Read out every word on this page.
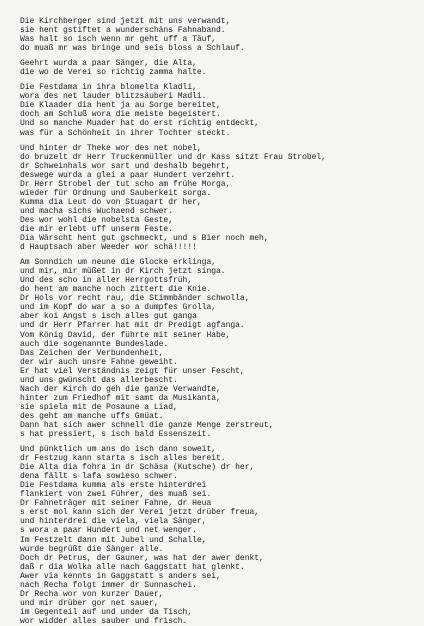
Die Kirchberger sind jetzt mit uns verwandt,
sie hent gstiftet a wunderschäns Fahnaband.
Was halt so isch wenn mr geht uff a Täuf,
do muaß mr was bringe und seis bloss a Schlauf.
Geehrt wurda a paar Sänger, die Alta,
die wo de Verei so richtig zamma halte.
Die Festdama in ihra blomelta Kladli,
wora des net lauder blitzsäuberi Madli.
Die Klaader dia hent ja au Sorge bereitet,
doch am Schluß wora die meiste begeistert.
Und so manche Muader hat do erst richtig entdeckt,
was für a Schönheit in ihrer Tochter steckt.
Und hinter dr Theke wor des net nobel,
do bruzelt dr Herr Truckenmüller und dr Kass sitzt Frau Strobel,
dr Schweinhals wor sart und deshalb begehrt,
deswege wurda a glei a paar Hundert verzehrt.
Dr Herr Strobel der tut scho am frühe Morga,
wieder für Ordnung und Sauberkeit sorga.
Kumma dia Leut do von Stuagart dr her,
und macha sichs Wuchaend schwer.
Des wor wohl die nobelsta Geste,
die mir erlebt uff unserm Feste.
Dia Wärscht hent gut gschmeckt, und s Bier noch meh,
d Hauptsach aber Weeder wor schä!!!!!
Am Sonndich um neune die Glocke erklinga,
und mir, mir müßet in dr Kirch jetzt singa.
Und des scho in aller Herrgottsfrüh,
do hent am manche noch zittert die Knie.
Dr Hols vor recht rau, die Stimmbänder schwolla,
und im Kopf do war a so a dumpfes Grolla,
aber koi Angst s isch alles gut ganga
und dr Herr Pfarrer hat mit dr Predigt agfanga.
Vom König David, der führte mit seiner Habe,
auch die sogenannte Bundeslade.
Das Zeichen der Verbundenheit,
der wir auch unsre Fahne geweiht.
Er hat viel Verständnis zeigt für unser Fescht,
und uns gwünscht das allerbescht.
Nach der Kirch do geh die ganze Verwandte,
hinter zum Friedhof mit samt da Musikanta,
sie spiela mit de Posaune a Liad,
des geht am manche uffs Gmüat.
Dann hat sich awer schnell die ganze Menge zerstreut,
s hat pressiert, s isch bald Essenszeit.
Und pünktlich um ans do isch dann soweit,
dr Festzug kann starta s isch alles bereit.
Die Alta dia fohra in dr Schäsa (Kutsche) dr her,
dena fällt s lafa sowieso schwer.
Die Festdama kumma als erste hinterdrei
flankiert von zwei Führer, des muaß sei.
Dr Fahneträger mit seiner Fahne, dr Heua
s erst mol kann sich der Verei jetzt drüber freua,
und hinterdrei die viela, viela Sänger,
s wora a paar Hundert und net wenger.
Im Festzelt dann mit Jubel und Schalle,
wurde begrüßt die Sänger alle.
Doch dr Petrus, der Gauner, was hat der awer denkt,
daß r dia Wolka alle nach Gaggstatt hat glenkt.
Awer via kennts in Gaggstatt s anders sei,
nach Recha folgt immer dr Sunnaschei.
Dr Recha wor von kurzer Dauer,
und mir drüber gor net sauer,
im Gegenteil auf und under da Tisch,
wor widder alles sauber und frisch.
